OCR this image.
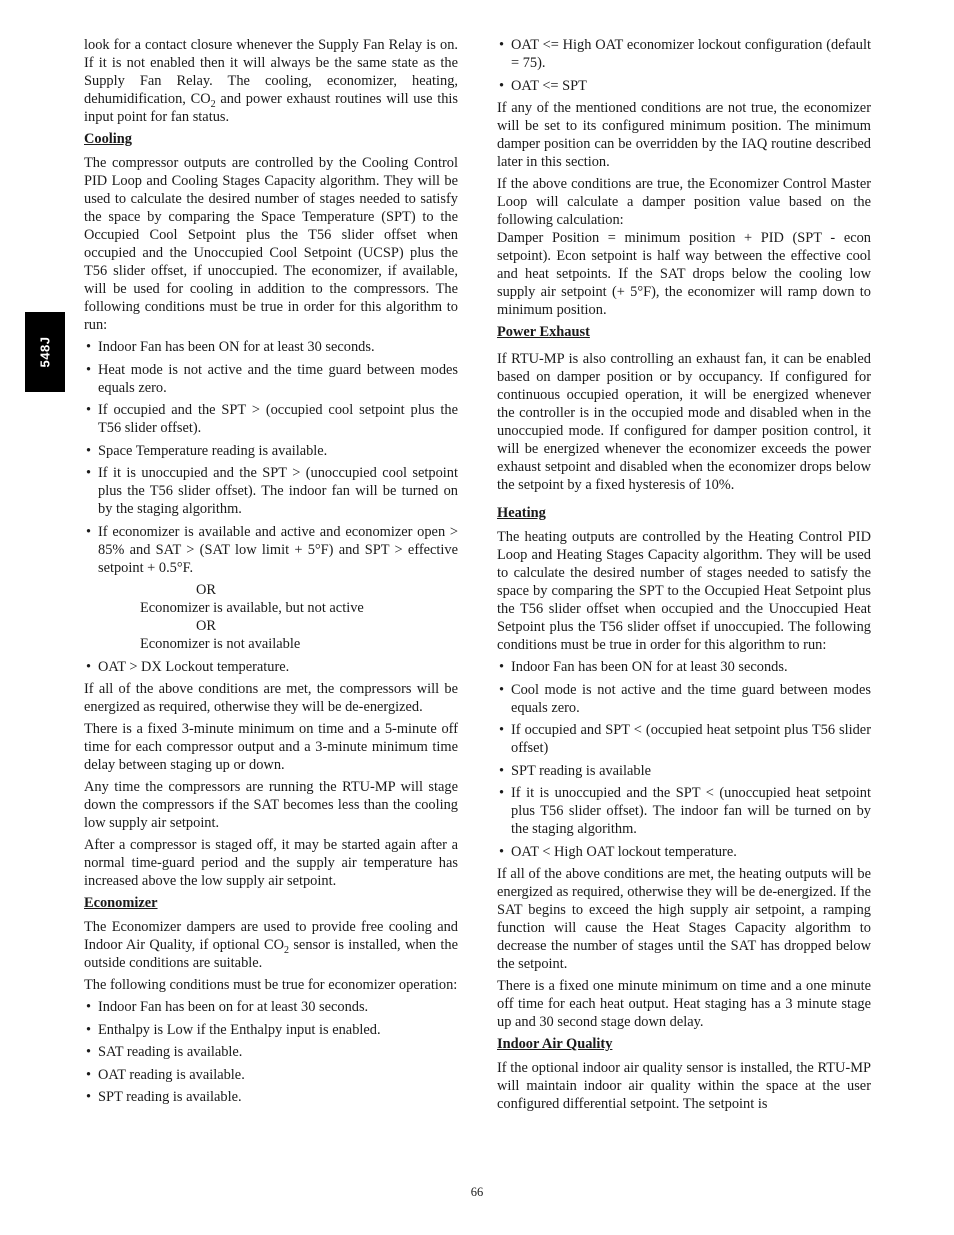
548J

look for a contact closure whenever the Supply Fan Relay is on. If it is not enabled then it will always be the same state as the Supply Fan Relay. The cooling, economizer, heating, dehumidification, $CO_2$ and power exhaust routines will use this input point for fan status.

Cooling

The compressor outputs are controlled by the Cooling Control PID Loop and Cooling Stages Capacity algorithm. They will be used to calculate the desired number of stages needed to satisfy the space by comparing the Space Temperature (SPT) to the Occupied Cool Setpoint plus the T56 slider offset when occupied and the Unoccupied Cool Setpoint (UCSP) plus the T56 slider offset, if unoccupied. The economizer, if available, will be used for cooling in addition to the compressors. The following conditions must be true in order for this algorithm to run:

• Indoor Fan has been ON for at least 30 seconds.
• Heat mode is not active and the time guard between modes equals zero.
• If occupied and the SPT > (occupied cool setpoint plus the T56 slider offset).
• Space Temperature reading is available.
• If it is unoccupied and the SPT > (unoccupied cool setpoint plus the T56 slider offset). The indoor fan will be turned on by the staging algorithm.
• If economizer is available and active and economizer open > 85% and SAT > (SAT low limit + 5°F) and SPT > effective setpoint + 0.5°F.

OR

Economizer is available, but not active

OR

Economizer is not available

• OAT > DX Lockout temperature.

If all of the above conditions are met, the compressors will be energized as required, otherwise they will be de-energized.

There is a fixed 3-minute minimum on time and a 5-minute off time for each compressor output and a 3-minute minimum time delay between staging up or down.

Any time the compressors are running the RTU-MP will stage down the compressors if the SAT becomes less than the cooling low supply air setpoint.

After a compressor is staged off, it may be started again after a normal time-guard period and the supply air temperature has increased above the low supply air setpoint.

Economizer

The Economizer dampers are used to provide free cooling and Indoor Air Quality, if optional $CO_2$ sensor is installed, when the outside conditions are suitable.

The following conditions must be true for economizer operation:

• Indoor Fan has been on for at least 30 seconds.
• Enthalpy is Low if the Enthalpy input is enabled.
• SAT reading is available.
• OAT reading is available.
• SPT reading is available.
• OAT <= High OAT economizer lockout configuration (default = 75).
• OAT <= SPT

If any of the mentioned conditions are not true, the economizer will be set to its configured minimum position. The minimum damper position can be overridden by the IAQ routine described later in this section.

If the above conditions are true, the Economizer Control Master Loop will calculate a damper position value based on the following calculation:

Damper Position = minimum position + PID (SPT - econ setpoint). Econ setpoint is half way between the effective cool and heat setpoints. If the SAT drops below the cooling low supply air setpoint (+ 5°F), the economizer will ramp down to minimum position.

Power Exhaust

If RTU-MP is also controlling an exhaust fan, it can be enabled based on damper position or by occupancy. If configured for continuous occupied operation, it will be energized whenever the controller is in the occupied mode and disabled when in the unoccupied mode. If configured for damper position control, it will be energized whenever the economizer exceeds the power exhaust setpoint and disabled when the economizer drops below the setpoint by a fixed hysteresis of 10%.

Heating

The heating outputs are controlled by the Heating Control PID Loop and Heating Stages Capacity algorithm. They will be used to calculate the desired number of stages needed to satisfy the space by comparing the SPT to the Occupied Heat Setpoint plus the T56 slider offset when occupied and the Unoccupied Heat Setpoint plus the T56 slider offset if unoccupied. The following conditions must be true in order for this algorithm to run:

• Indoor Fan has been ON for at least 30 seconds.
• Cool mode is not active and the time guard between modes equals zero.
• If occupied and SPT < (occupied heat setpoint plus T56 slider offset)
• SPT reading is available
• If it is unoccupied and the SPT < (unoccupied heat setpoint plus T56 slider offset). The indoor fan will be turned on by the staging algorithm.
• OAT < High OAT lockout temperature.

If all of the above conditions are met, the heating outputs will be energized as required, otherwise they will be de-energized. If the SAT begins to exceed the high supply air setpoint, a ramping function will cause the Heat Stages Capacity algorithm to decrease the number of stages until the SAT has dropped below the setpoint.

There is a fixed one minute minimum on time and a one minute off time for each heat output. Heat staging has a 3 minute stage up and 30 second stage down delay.

Indoor Air Quality

If the optional indoor air quality sensor is installed, the RTU-MP will maintain indoor air quality within the space at the user configured differential setpoint. The setpoint is

66
